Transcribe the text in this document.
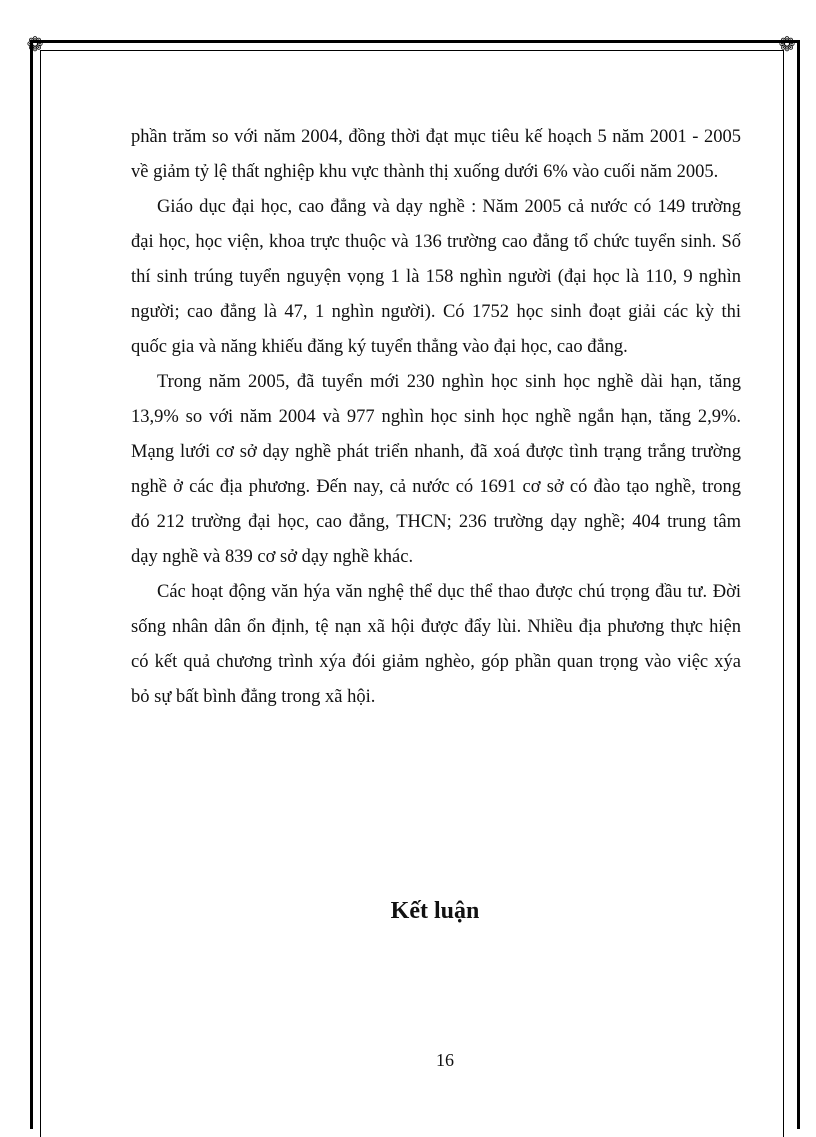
❁	❁
phần trăm so với năm 2004, đồng thời đạt mục tiêu kế hoạch 5 năm 2001 - 2005
về giảm tỷ lệ thất nghiệp khu vực thành thị xuống dưới 6% vào cuối năm 2005.
Giáo dục đại học, cao đẳng và dạy nghề : Năm 2005 cả nước có 149 trường
đại học, học viện, khoa trực thuộc và 136 trường cao đẳng tổ chức tuyển sinh. Số
thí sinh trúng tuyển nguyện vọng 1 là 158 nghìn người (đại học là 110, 9 nghìn
người; cao đẳng là 47, 1 nghìn người). Có 1752 học sinh đoạt giải các kỳ thi
quốc gia và năng khiếu đăng ký tuyển thẳng vào đại học, cao đẳng.
Trong năm 2005, đã tuyển mới 230 nghìn học sinh học nghề dài hạn, tăng
13,9% so với năm 2004 và 977 nghìn học sinh học nghề ngắn hạn, tăng 2,9%.
Mạng lưới cơ sở dạy nghề phát triển nhanh, đã xoá được tình trạng trắng trường
nghề ở các địa phương. Đến nay, cả nước có 1691 cơ sở có đào tạo nghề, trong
đó 212 trường đại học, cao đẳng, THCN; 236 trường dạy nghề; 404 trung tâm
dạy nghề và 839 cơ sở dạy nghề khác.
Các hoạt động văn hýa văn nghệ thể dục thể thao được chú trọng đầu tư. Đời
sống nhân dân ổn định, tệ nạn xã hội được đẩy lùi. Nhiều địa phương thực hiện
có kết quả chương trình xýa đói giảm nghèo, góp phần quan trọng vào việc xýa
bỏ sự bất bình đẳng trong xã hội.
Kết luận
16
